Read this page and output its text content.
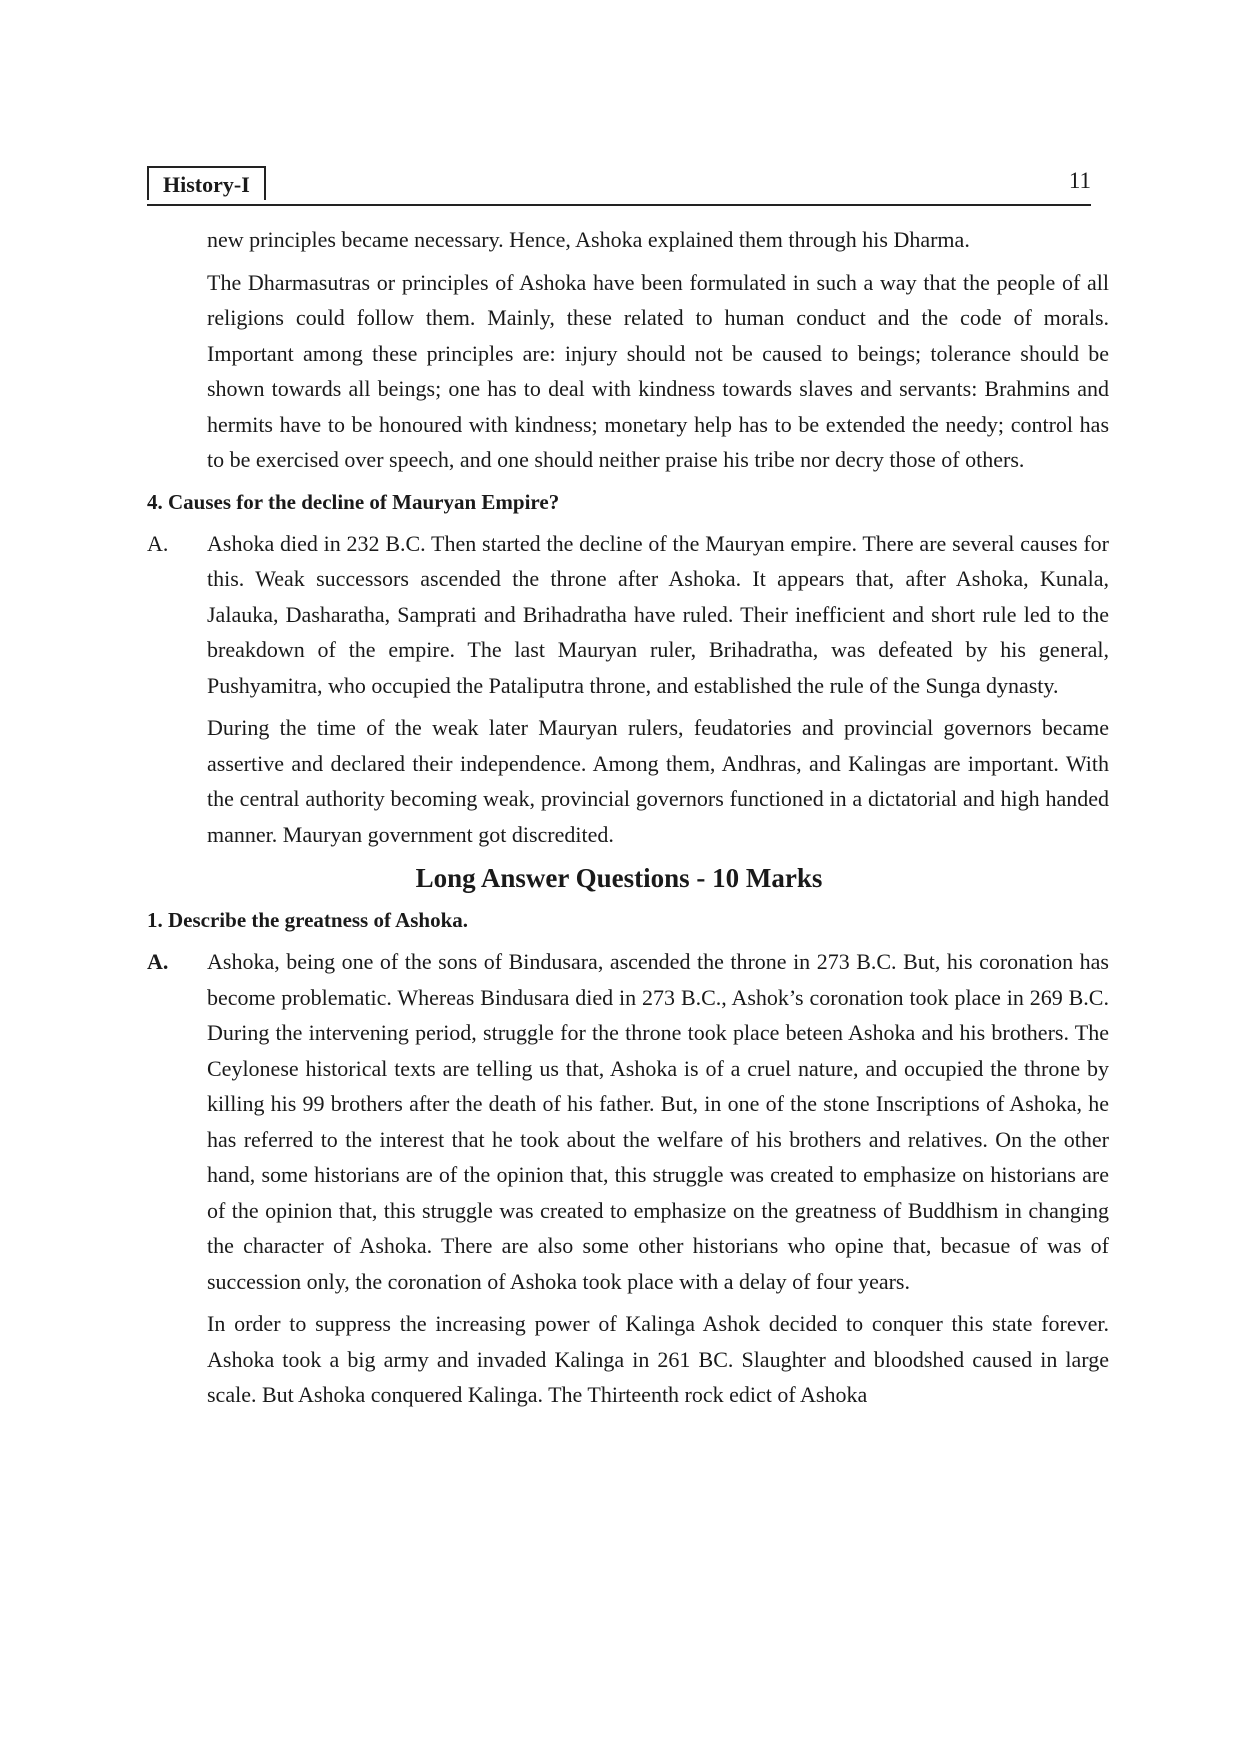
History-I	11

new principles became necessary. Hence, Ashoka explained them through his Dharma.

The Dharmasutras or principles of Ashoka have been formulated in such a way that the people of all religions could follow them. Mainly, these related to human conduct and the code of morals. Important among these principles are: injury should not be caused to beings; tolerance should be shown towards all beings; one has to deal with kindness towards slaves and servants: Brahmins and hermits have to be honoured with kindness; monetary help has to be extended the needy; control has to be exercised over speech, and one should neither praise his tribe nor decry those of others.

4. Causes for the decline of Mauryan Empire?
A. Ashoka died in 232 B.C. Then started the decline of the Mauryan empire. There are several causes for this. Weak successors ascended the throne after Ashoka. It appears that, after Ashoka, Kunala, Jalauka, Dasharatha, Samprati and Brihadratha have ruled. Their inefficient and short rule led to the breakdown of the empire. The last Mauryan ruler, Brihadratha, was defeated by his general, Pushyamitra, who occupied the Pataliputra throne, and established the rule of the Sunga dynasty.

During the time of the weak later Mauryan rulers, feudatories and provincial governors became assertive and declared their independence. Among them, Andhras, and Kalingas are important. With the central authority becoming weak, provincial governors functioned in a dictatorial and high handed manner. Mauryan government got discredited.

Long Answer Questions - 10 Marks
1. Describe the greatness of Ashoka.
A. Ashoka, being one of the sons of Bindusara, ascended the throne in 273 B.C. But, his coronation has become problematic. Whereas Bindusara died in 273 B.C., Ashok’s coronation took place in 269 B.C. During the intervening period, struggle for the throne took place beteen Ashoka and his brothers. The Ceylonese historical texts are telling us that, Ashoka is of a cruel nature, and occupied the throne by killing his 99 brothers after the death of his father. But, in one of the stone Inscriptions of Ashoka, he has referred to the interest that he took about the welfare of his brothers and relatives. On the other hand, some historians are of the opinion that, this struggle was created to emphasize on historians are of the opinion that, this struggle was created to emphasize on the greatness of Buddhism in changing the character of Ashoka. There are also some other historians who opine that, becasue of was of succession only, the coronation of Ashoka took place with a delay of four years.

In order to suppress the increasing power of Kalinga Ashok decided to conquer this state forever. Ashoka took a big army and invaded Kalinga in 261 BC. Slaughter and bloodshed caused in large scale. But Ashoka conquered Kalinga. The Thirteenth rock edict of Ashoka
